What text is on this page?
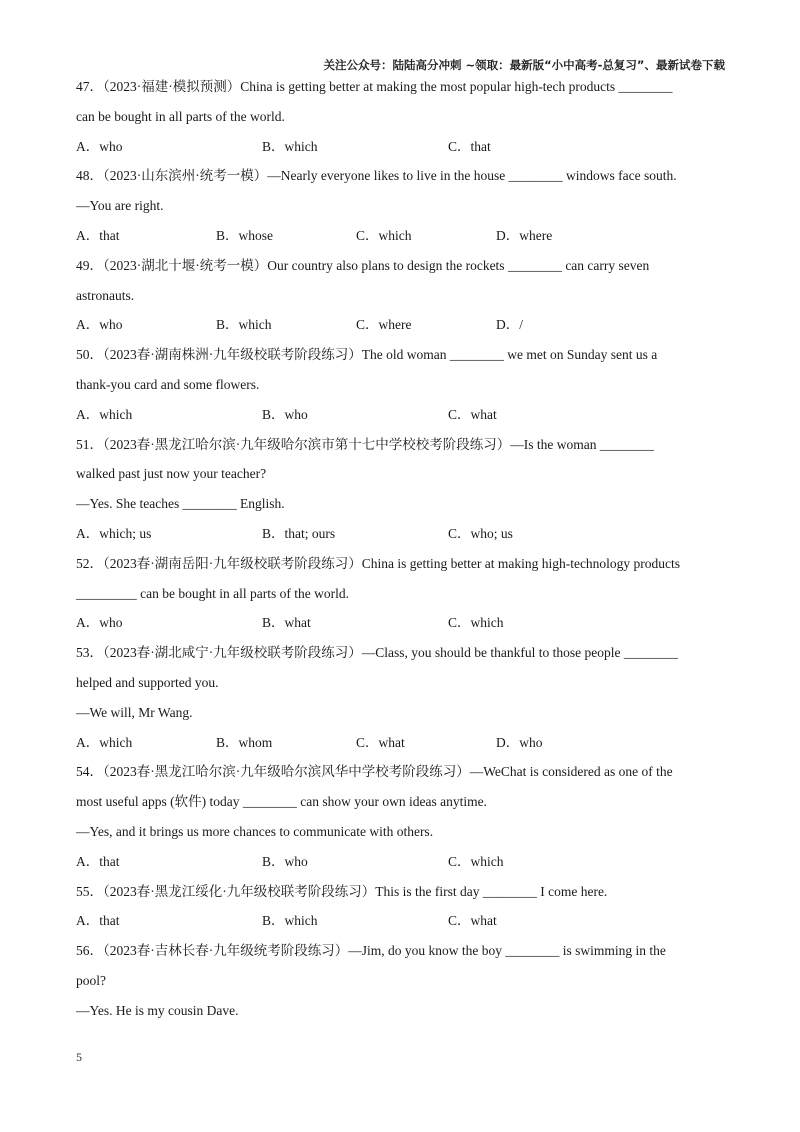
关注公众号：陆陆高分冲刺 ~领取：最新版“小中高考-总复习”、最新试卷下载
47．（2023·福建·模拟预测）China is getting better at making the most popular high-tech products ________
can be bought in all parts of the world.
A．who	B．which	C．that
48．（2023·山东滨州·统考一模）—Nearly everyone likes to live in the house ________ windows face south.
—You are right.
A．that	B．whose	C．which	D．where
49．（2023·湖北十堰·统考一模）Our country also plans to design the rockets ________ can carry seven
astronauts.
A．who	B．which	C．where	D．/
50．（2023春·湖南株洲·九年级校联考阶段练习）The old woman ________ we met on Sunday sent us a
thank-you card and some flowers.
A．which	B．who	C．what
51．（2023春·黑龙江哈尔滨·九年级哈尔滨市第十七中学校校考阶段练习）—Is the woman ________
walked past just now your teacher?
—Yes. She teaches ________ English.
A．which; us	B．that; ours	C．who; us
52．（2023春·湖南岳阳·九年级校联考阶段练习）China is getting better at making high-technology products
_________ can be bought in all parts of the world.
A．who	B．what	C．which
53．（2023春·湖北咸宁·九年级校联考阶段练习）—Class, you should be thankful to those people ________
helped and supported you.
—We will, Mr Wang.
A．which	B．whom	C．what	D．who
54．（2023春·黑龙江哈尔滨·九年级哈尔滨风华中学校考阶段练习）—WeChat is considered as one of the
most useful apps (软件) today ________ can show your own ideas anytime.
—Yes, and it brings us more chances to communicate with others.
A．that	B．who	C．which
55．（2023春·黑龙江绥化·九年级校联考阶段练习）This is the first day ________ I come here.
A．that	B．which	C．what
56．（2023春·吉林长春·九年级统考阶段练习）—Jim, do you know the boy ________ is swimming in the
pool?
—Yes. He is my cousin Dave.
5
